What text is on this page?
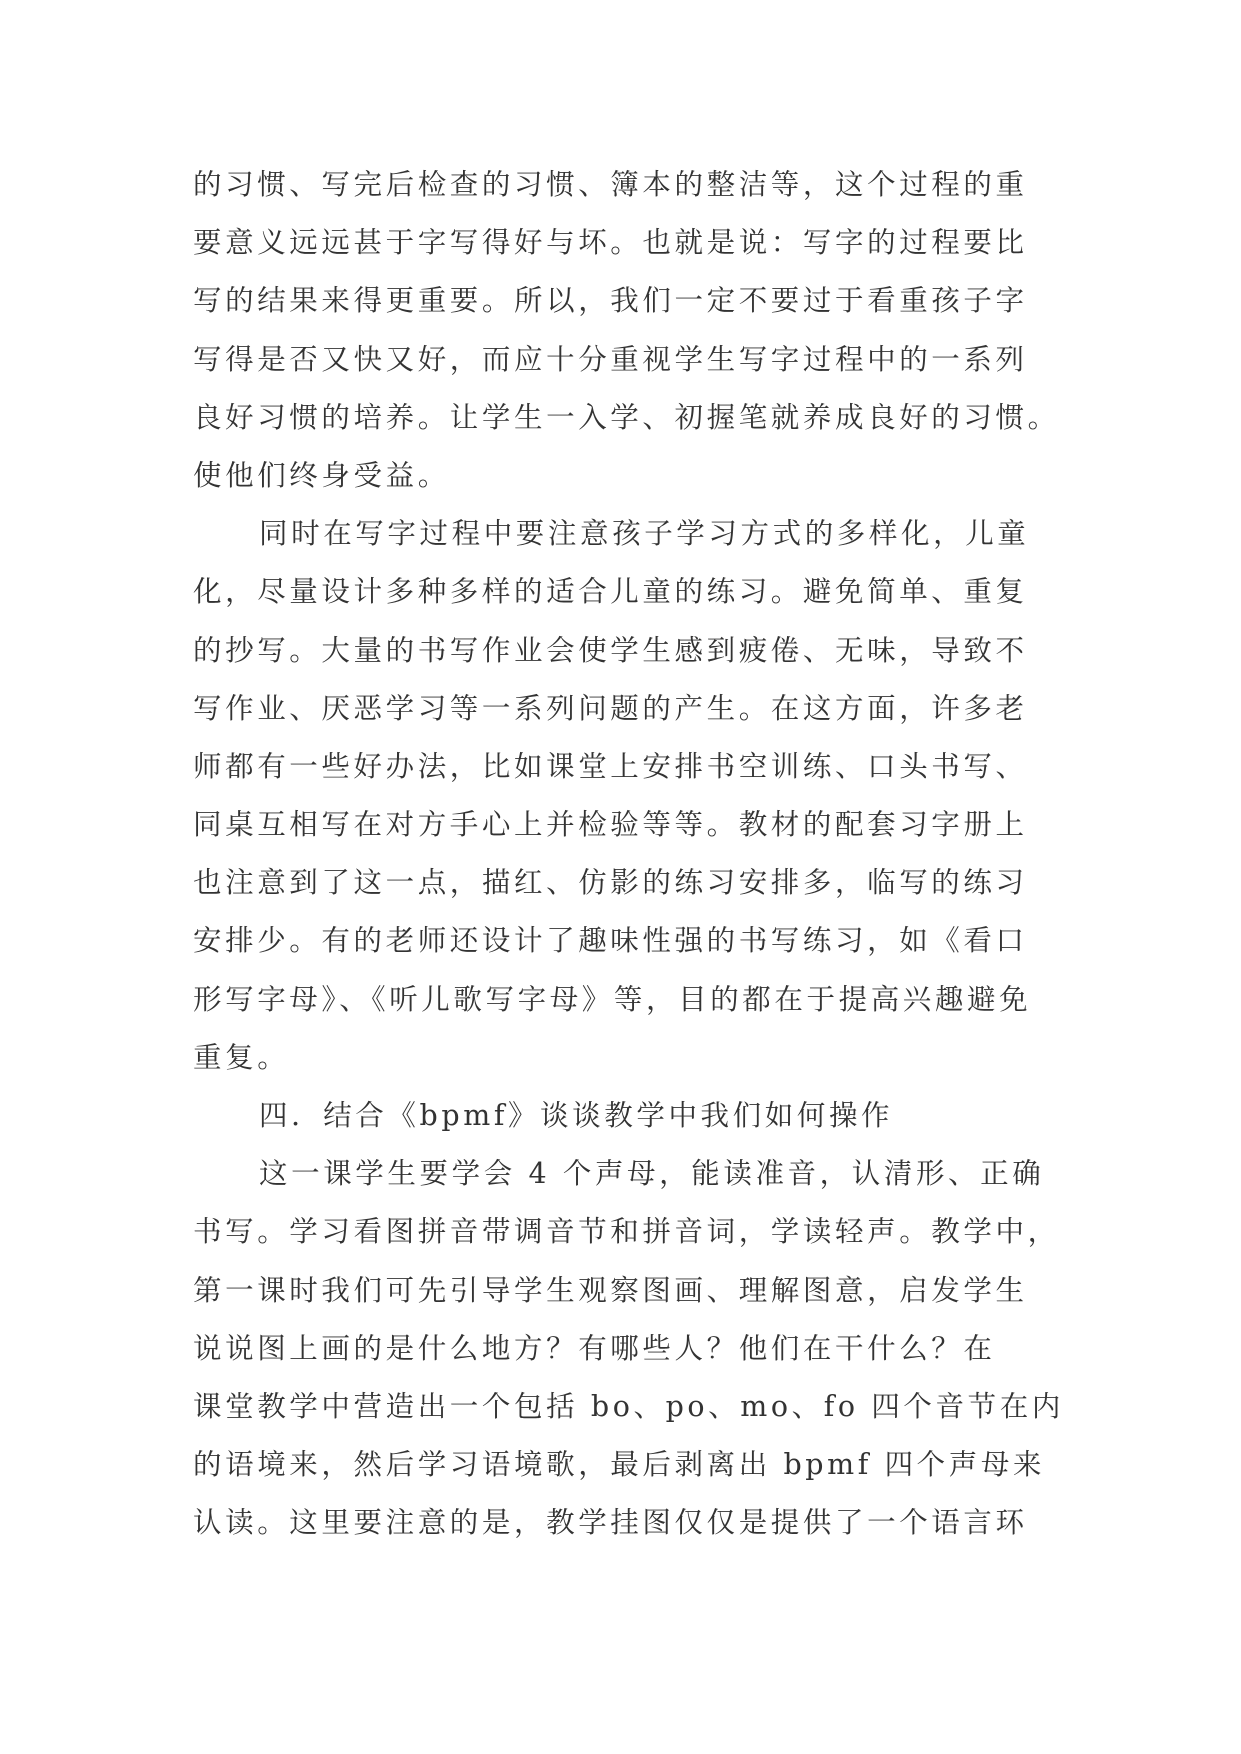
的习惯、写完后检查的习惯、簿本的整洁等，这个过程的重
要意义远远甚于字写得好与坏。也就是说：写字的过程要比
写的结果来得更重要。所以，我们一定不要过于看重孩子字
写得是否又快又好，而应十分重视学生写字过程中的一系列
良好习惯的培养。让学生一入学、初握笔就养成良好的习惯。
使他们终身受益。
同时在写字过程中要注意孩子学习方式的多样化，儿童
化，尽量设计多种多样的适合儿童的练习。避免简单、重复
的抄写。大量的书写作业会使学生感到疲倦、无味，导致不
写作业、厌恶学习等一系列问题的产生。在这方面，许多老
师都有一些好办法，比如课堂上安排书空训练、口头书写、
同桌互相写在对方手心上并检验等等。教材的配套习字册上
也注意到了这一点，描红、仿影的练习安排多，临写的练习
安排少。有的老师还设计了趣味性强的书写练习，如《看口
形写字母》、《听儿歌写字母》等，目的都在于提高兴趣避免
重复。
四．结合《bpmf》谈谈教学中我们如何操作
这一课学生要学会 4 个声母，能读准音，认清形、正确
书写。学习看图拼音带调音节和拼音词，学读轻声。教学中，
第一课时我们可先引导学生观察图画、理解图意，启发学生
说说图上画的是什么地方？有哪些人？他们在干什么？在
课堂教学中营造出一个包括 bo、po、mo、fo 四个音节在内
的语境来，然后学习语境歌，最后剥离出 bpmf 四个声母来
认读。这里要注意的是，教学挂图仅仅是提供了一个语言环
